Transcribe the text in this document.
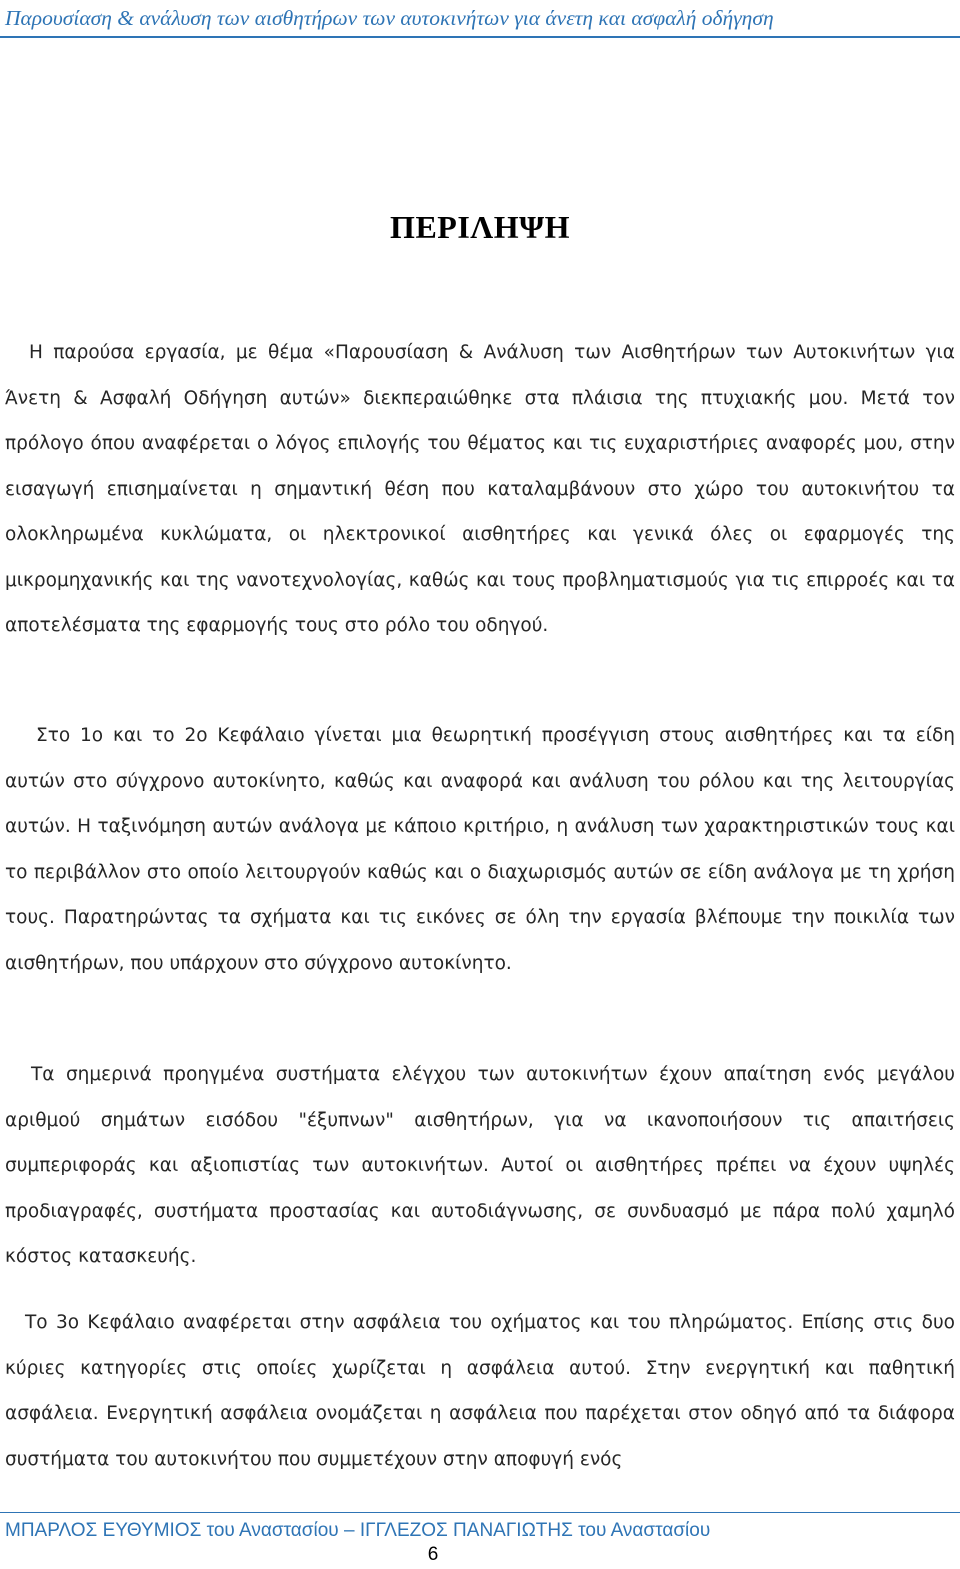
Παρουσίαση & ανάλυση των αισθητήρων των αυτοκινήτων για άνετη και ασφαλή οδήγηση
ΠΕΡΙΛΗΨΗ

Η παρούσα εργασία, με θέμα «Παρουσίαση & Ανάλυση των Αισθητήρων των Αυτοκινήτων για Άνετη & Ασφαλή Οδήγηση αυτών» διεκπεραιώθηκε στα πλάισια της πτυχιακής μου. Μετά τον πρόλογο όπου αναφέρεται ο λόγος επιλογής του θέματος και τις ευχαριστήριες αναφορές μου, στην εισαγωγή επισημαίνεται η σημαντική θέση που καταλαμβάνουν στο χώρο του αυτοκινήτου τα ολοκληρωμένα κυκλώματα, οι ηλεκτρονικοί αισθητήρες και γενικά όλες οι εφαρμογές της μικρομηχανικής και της νανοτεχνολογίας, καθώς και τους προβληματισμούς για τις επιρροές και τα αποτελέσματα της εφαρμογής τους στο ρόλο του οδηγού.

Στο 1ο και το 2ο Κεφάλαιο γίνεται μια θεωρητική προσέγγιση στους αισθητήρες και τα είδη αυτών στο σύγχρονο αυτοκίνητο, καθώς και αναφορά και ανάλυση του ρόλου και της λειτουργίας αυτών. Η ταξινόμηση αυτών ανάλογα με κάποιο κριτήριο, η ανάλυση των χαρακτηριστικών τους και το περιβάλλον στο οποίο λειτουργούν καθώς και ο διαχωρισμός αυτών σε είδη ανάλογα με τη χρήση τους. Παρατηρώντας τα σχήματα και τις εικόνες σε όλη την εργασία βλέπουμε την ποικιλία των αισθητήρων, που υπάρχουν στο σύγχρονο αυτοκίνητο.

Τα σημερινά προηγμένα συστήματα ελέγχου των αυτοκινήτων έχουν απαίτηση ενός μεγάλου αριθμού σημάτων εισόδου "έξυπνων" αισθητήρων, για να ικανοποιήσουν τις απαιτήσεις συμπεριφοράς και αξιοπιστίας των αυτοκινήτων. Αυτοί οι αισθητήρες πρέπει να έχουν υψηλές προδιαγραφές, συστήματα προστασίας και αυτοδιάγνωσης, σε συνδυασμό με πάρα πολύ χαμηλό κόστος κατασκευής.

Το 3ο Κεφάλαιο αναφέρεται στην ασφάλεια του οχήματος και του πληρώματος. Επίσης στις δυο κύριες κατηγορίες στις οποίες χωρίζεται η ασφάλεια αυτού. Στην ενεργητική και παθητική ασφάλεια. Ενεργητική ασφάλεια ονομάζεται η ασφάλεια που παρέχεται στον οδηγό από τα διάφορα συστήματα του αυτοκινήτου που συμμετέχουν στην αποφυγή ενός

ΜΠΑΡΛΟΣ ΕΥΘΥΜΙΟΣ του Αναστασίου – ΙΓΓΛΕΖΟΣ ΠΑΝΑΓΙΩΤΗΣ του Αναστασίου
6
